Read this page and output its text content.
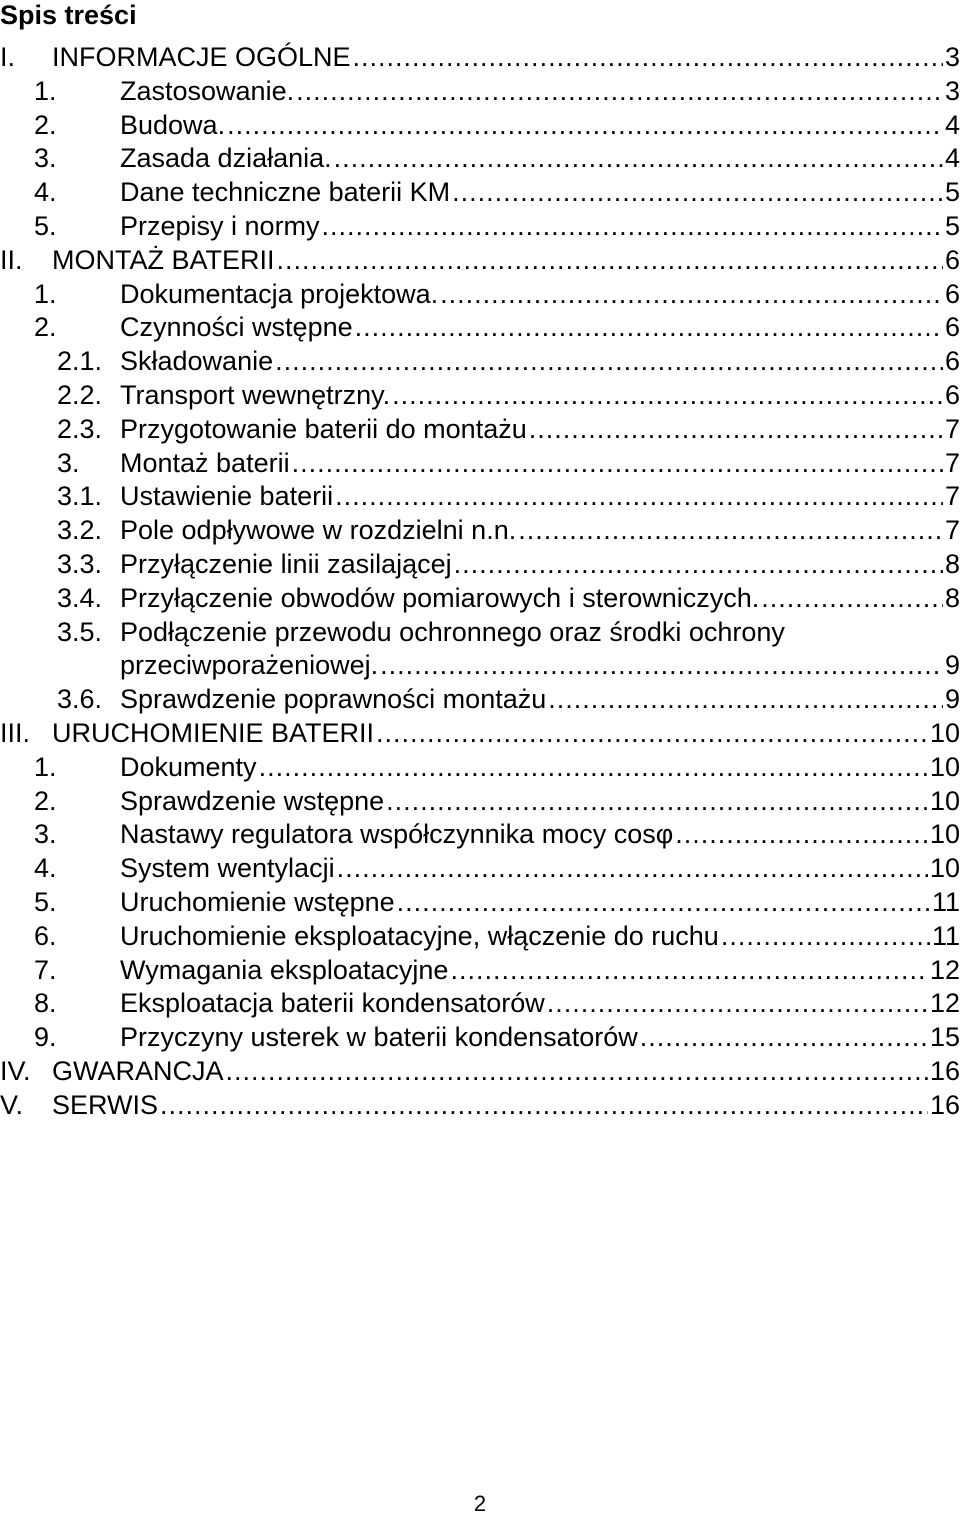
Spis treści
I. INFORMACJE OGÓLNE .....	3
1. Zastosowanie. .....	3
2. Budowa. .....	4
3. Zasada działania. .....	4
4. Dane techniczne baterii KM .....	5
5. Przepisy i normy .....	5
II. MONTAŻ BATERII .....	6
1. Dokumentacja projektowa. .....	6
2. Czynności wstępne .....	6
2.1. Składowanie .....	6
2.2. Transport wewnętrzny. .....	6
2.3. Przygotowanie baterii do montażu .....	7
3. Montaż baterii .....	7
3.1. Ustawienie baterii .....	7
3.2. Pole odpływowe w rozdzielni n.n. .....	7
3.3. Przyłączenie linii zasilającej .....	8
3.4. Przyłączenie obwodów pomiarowych i sterowniczych. .....	8
3.5. Podłączenie przewodu ochronnego oraz środki ochrony
przeciwporażeniowej. .....	9
3.6. Sprawdzenie poprawności montażu .....	9
III. URUCHOMIENIE BATERII .....	10
1. Dokumenty .....	10
2. Sprawdzenie wstępne .....	10
3. Nastawy regulatora współczynnika mocy cosφ .....	10
4. System wentylacji .....	10
5. Uruchomienie wstępne .....	11
6. Uruchomienie eksploatacyjne, włączenie do ruchu .....	11
7. Wymagania eksploatacyjne .....	12
8. Eksploatacja baterii kondensatorów .....	12
9. Przyczyny usterek w baterii kondensatorów .....	15
IV. GWARANCJA .....	16
V. SERWIS .....	16
2
